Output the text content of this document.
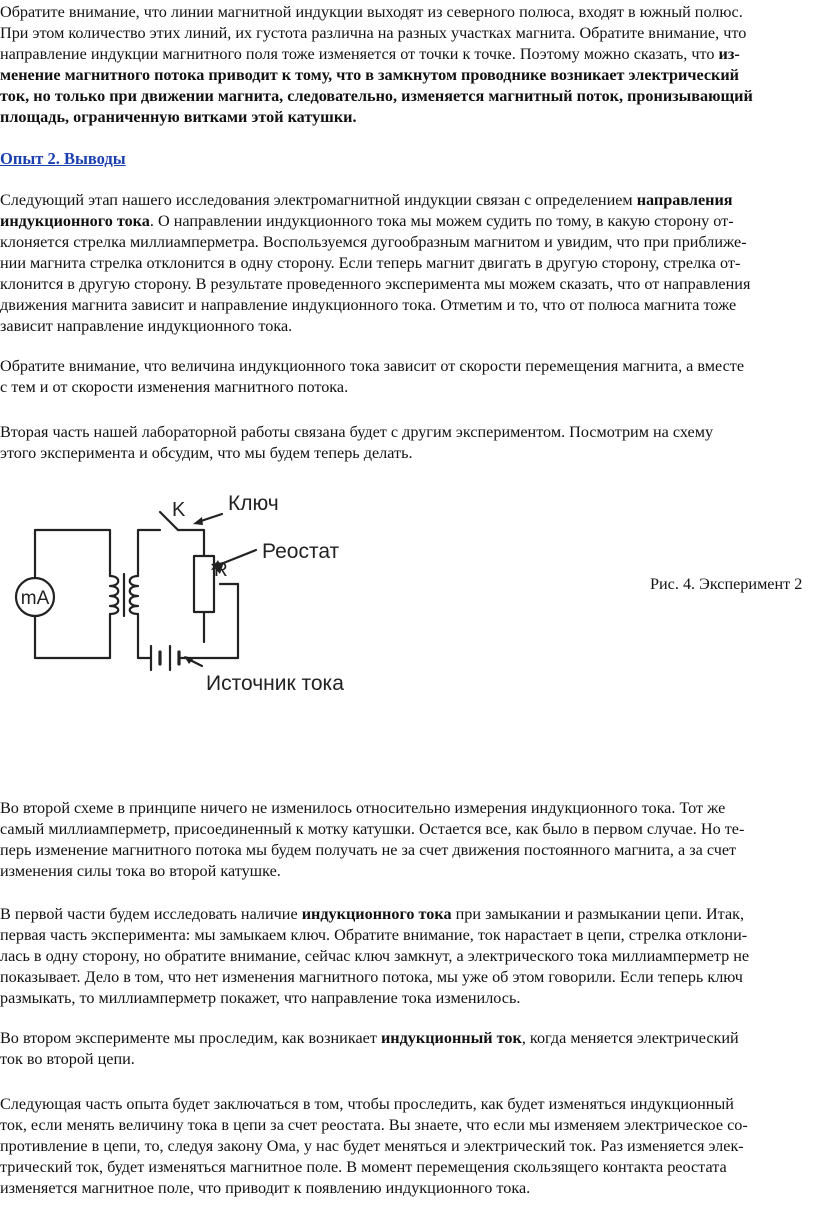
Обратите внимание, что линии магнитной индукции выходят из северного полюса, входят в южный полюс.
При этом количество этих линий, их густота различна на разных участках магнита. Обратите внимание, что
направление индукции магнитного поля тоже изменяется от точки к точке. Поэтому можно сказать, что из-
менение магнитного потока приводит к тому, что в замкнутом проводнике возникает электрический
ток, но только при движении магнита, следовательно, изменяется магнитный поток, пронизывающий
площадь, ограниченную витками этой катушки.

Опыт 2. Выводы

Следующий этап нашего исследования электромагнитной индукции связан с определением направления
индукционного тока. О направлении индукционного тока мы можем судить по тому, в какую сторону от-
клоняется стрелка миллиамперметра. Воспользуемся дугообразным магнитом и увидим, что при приближе-
нии магнита стрелка отклонится в одну сторону. Если теперь магнит двигать в другую сторону, стрелка от-
клонится в другую сторону. В результате проведенного эксперимента мы можем сказать, что от направления
движения магнита зависит и направление индукционного тока. Отметим и то, что от полюса магнита тоже
зависит направление индукционного тока.

Обратите внимание, что величина индукционного тока зависит от скорости перемещения магнита, а вместе
с тем и от скорости изменения магнитного потока.

Вторая часть нашей лабораторной работы связана будет с другим экспериментом. Посмотрим на схему
этого эксперимента и обсудим, что мы будем теперь делать.

mA
K Ключ
R
Реостат
Источник тока
Рис. 4. Эксперимент 2

Во второй схеме в принципе ничего не изменилось относительно измерения индукционного тока. Тот же
самый миллиамперметр, присоединенный к мотку катушки. Остается все, как было в первом случае. Но те-
перь изменение магнитного потока мы будем получать не за счет движения постоянного магнита, а за счет
изменения силы тока во второй катушке.

В первой части будем исследовать наличие индукционного тока при замыкании и размыкании цепи. Итак,
первая часть эксперимента: мы замыкаем ключ. Обратите внимание, ток нарастает в цепи, стрелка отклони-
лась в одну сторону, но обратите внимание, сейчас ключ замкнут, а электрического тока миллиамперметр не
показывает. Дело в том, что нет изменения магнитного потока, мы уже об этом говорили. Если теперь ключ
размыкать, то миллиамперметр покажет, что направление тока изменилось.

Во втором эксперименте мы проследим, как возникает индукционный ток, когда меняется электрический
ток во второй цепи.

Следующая часть опыта будет заключаться в том, чтобы проследить, как будет изменяться индукционный
ток, если менять величину тока в цепи за счет реостата. Вы знаете, что если мы изменяем электрическое со-
противление в цепи, то, следуя закону Ома, у нас будет меняться и электрический ток. Раз изменяется элек-
трический ток, будет изменяться магнитное поле. В момент перемещения скользящего контакта реостата
изменяется магнитное поле, что приводит к появлению индукционного тока.
